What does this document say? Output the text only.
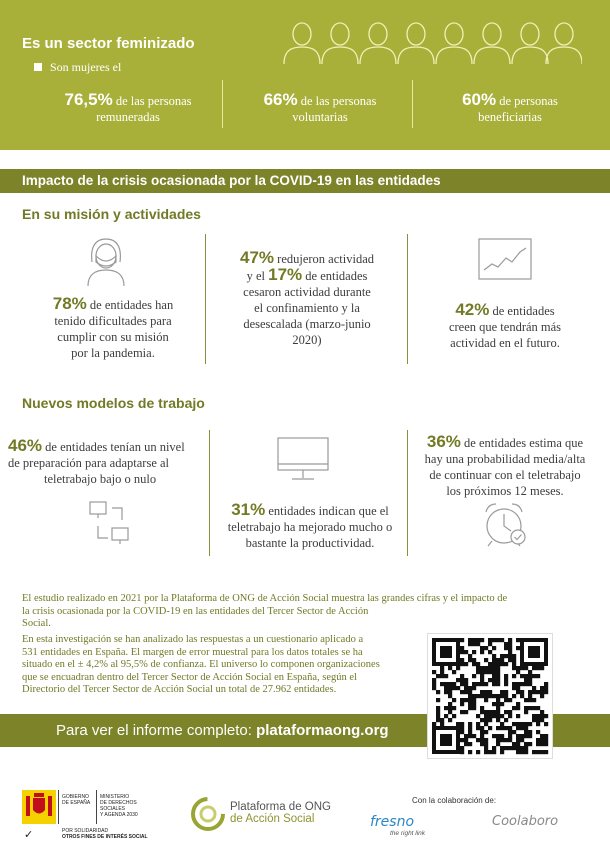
Es un sector feminizado
Son mujeres el
76,5% de las personas
remuneradas
66% de las personas
voluntarias
60% de personas
beneficiarias
Impacto de la crisis ocasionada por la COVID-19 en las entidades
En su misión y actividades
78% de entidades han
tenido dificultades para
cumplir con su misión
por la pandemia.
47% redujeron actividad
y el 17% de entidades
cesaron actividad durante
el confinamiento y la
desescalada (marzo-junio
2020)
42% de entidades
creen que tendrán más
actividad en el futuro.
Nuevos modelos de trabajo
46% de entidades tenían un nivel
de preparación para adaptarse al
teletrabajo bajo o nulo
31% entidades indican que el
teletrabajo ha mejorado mucho o
bastante la productividad.
36% de entidades estima que
hay una probabilidad media/alta
de continuar con el teletrabajo
los próximos 12 meses.
El estudio realizado en 2021 por la Plataforma de ONG de Acción Social muestra las grandes cifras y el impacto de
la crisis ocasionada por la COVID-19 en las entidades del Tercer Sector de Acción
Social.
En esta investigación se han analizado las respuestas a un cuestionario aplicado a
531 entidades en España. El margen de error muestral para los datos totales se ha
situado en el ± 4,2% al 95,5% de confianza. El universo lo componen organizaciones
que se encuadran dentro del Tercer Sector de Acción Social en España, según el
Directorio del Tercer Sector de Acción Social un total de 27.962 entidades.
Para ver el informe completo: plataformaong.org
GOBIERNO
DE ESPAÑA
MINISTERIO
DE DERECHOS SOCIALES
Y AGENDA 2030
✓	POR SOLIDARIDAD
OTROS FINES DE INTERÉS SOCIAL
Plataforma de ONG
de Acción Social
Con la colaboración de:
fresno
the right link
Coolaboro
